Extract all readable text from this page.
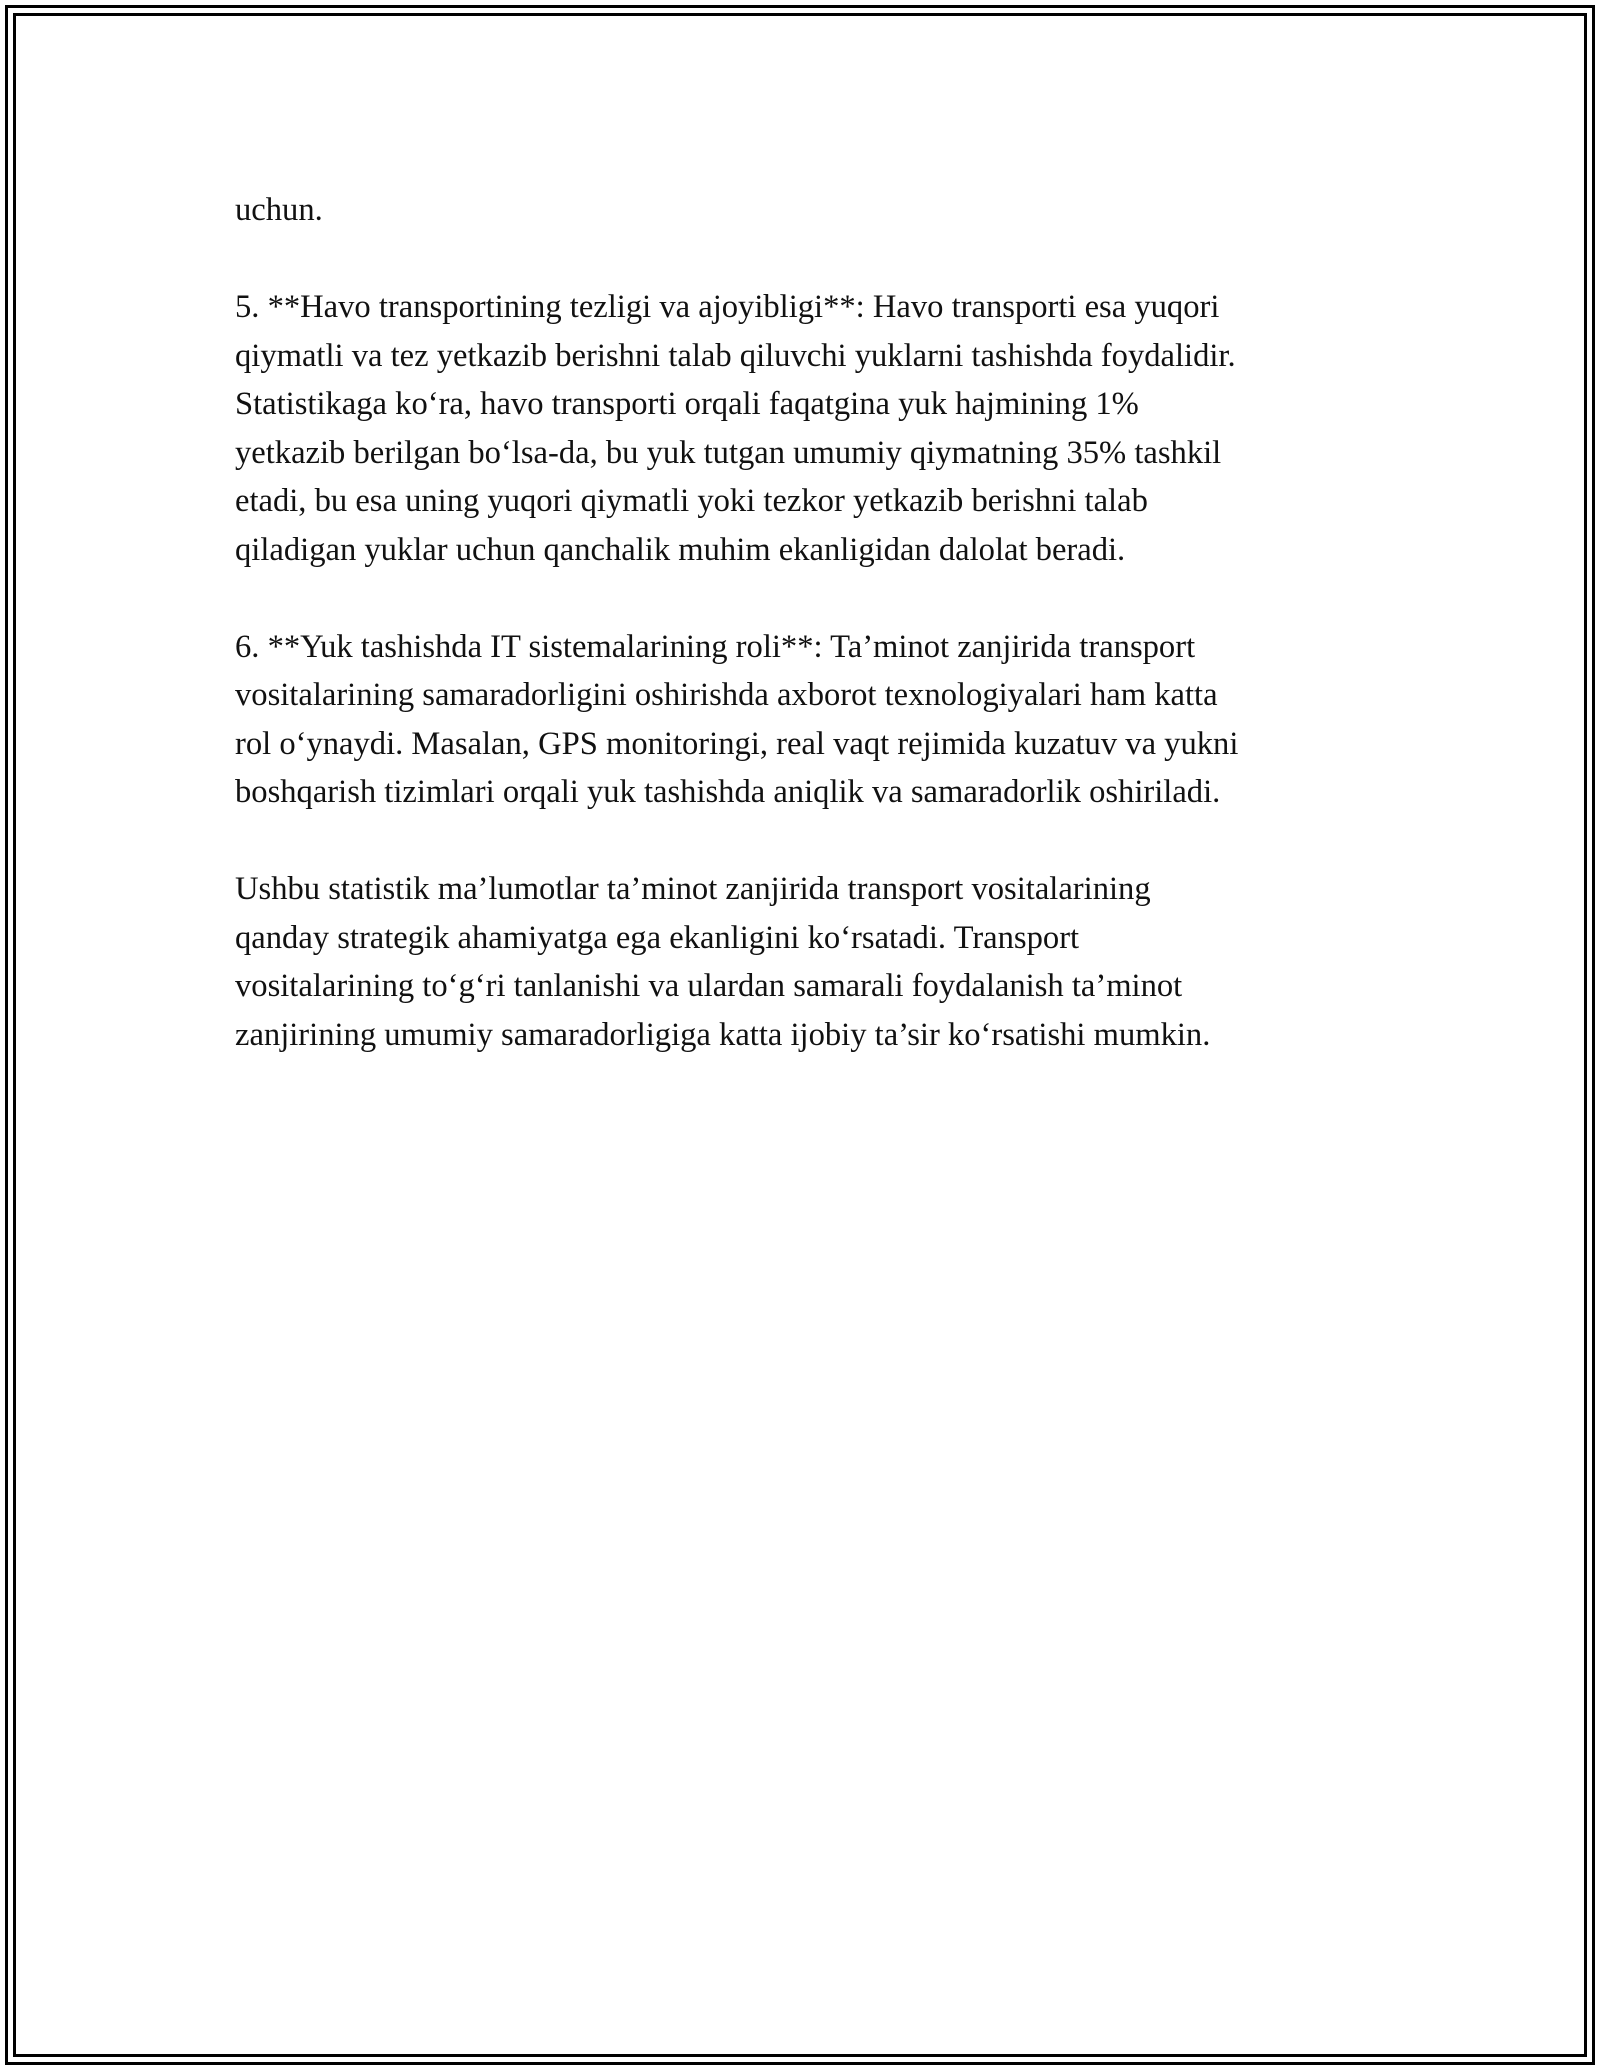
uchun.

5. **Havo transportining tezligi va ajoyibligi**: Havo transporti esa yuqori
qiymatli va tez yetkazib berishni talab qiluvchi yuklarni tashishda foydalidir.
Statistikaga ko‘ra, havo transporti orqali faqatgina yuk hajmining 1%
yetkazib berilgan bo‘lsa-da, bu yuk tutgan umumiy qiymatning 35% tashkil
etadi, bu esa uning yuqori qiymatli yoki tezkor yetkazib berishni talab
qiladigan yuklar uchun qanchalik muhim ekanligidan dalolat beradi.

6. **Yuk tashishda IT sistemalarining roli**: Ta’minot zanjirida transport
vositalarining samaradorligini oshirishda axborot texnologiyalari ham katta
rol o‘ynaydi. Masalan, GPS monitoringi, real vaqt rejimida kuzatuv va yukni
boshqarish tizimlari orqali yuk tashishda aniqlik va samaradorlik oshiriladi.

Ushbu statistik ma’lumotlar ta’minot zanjirida transport vositalarining
qanday strategik ahamiyatga ega ekanligini ko‘rsatadi. Transport
vositalarining to‘g‘ri tanlanishi va ulardan samarali foydalanish ta’minot
zanjirining umumiy samaradorligiga katta ijobiy ta’sir ko‘rsatishi mumkin.
